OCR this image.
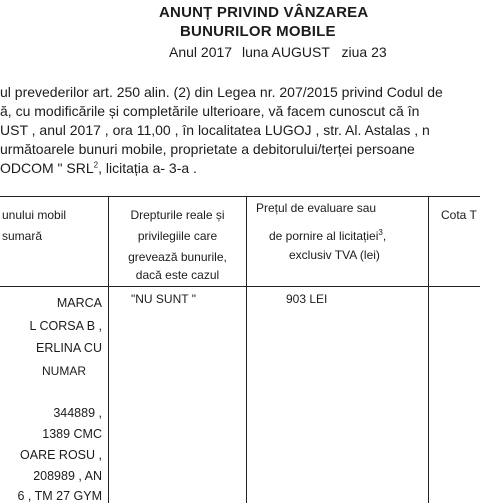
ANUNȚ PRIVIND VÂNZAREA
BUNURILOR MOBILE
Anul 2017 luna AUGUST ziua 23
ul prevederilor art. 250 alin. (2) din Legea nr. 207/2015 privind Codul de
ă, cu modificările și completările ulterioare, vă facem cunoscut că în
UST , anul 2017 , ora 11,00 , în localitatea LUGOJ , str. Al. Astalas , n
următoarele bunuri mobile, proprietate a debitorului/terței persoane
ODCOM " SRL$^2$, licitația a- 3-a .
unului mobil
sumară
Drepturile reale și
privilegiile care
grevează bunurile,
dacă este cazul
Prețul de evaluare sau
de pornire al licitației$^3$,
exclusiv TVA (lei)
Cota T
MARCA
L CORSA B ,
ERLINA CU
NUMAR
344889 ,
1389 CMC
OARE ROSU ,
208989 , AN
6 , TM 27 GYM
"NU SUNT "	903 LEI
